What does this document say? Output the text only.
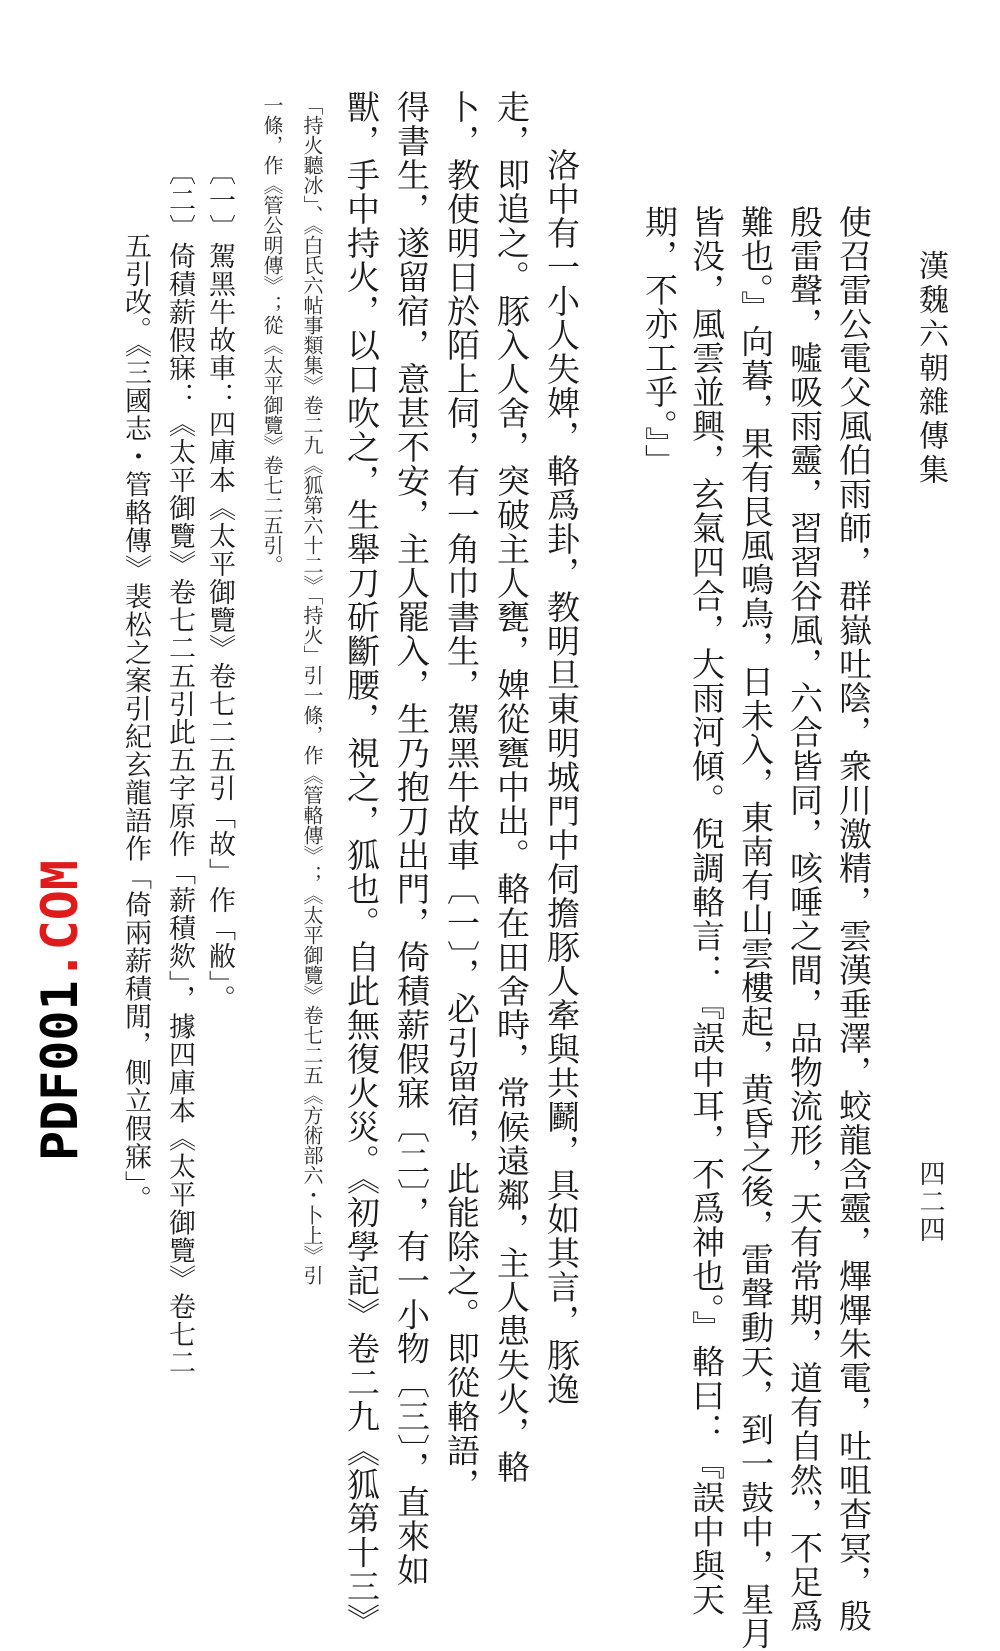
漢魏六朝雜傳集
四二四
使召雷公電父風伯雨師，群嶽吐陰，衆川激精，雲漢垂澤，蛟龍含靈，熚熚朱電，吐咀杳冥，殷
殷雷聲，噓吸雨靈，習習谷風，六合皆同，咳唾之間，品物流形，天有常期，道有自然，不足爲
難也。』向暮，果有艮風鳴鳥，日未入，東南有山雲樓起，黄昏之後，雷聲動天，到一鼓中，星月
皆没，風雲並興，玄氣四合，大雨河傾。倪調輅言：『誤中耳，不爲神也。』輅曰：『誤中與天
期，不亦工乎。』」
洛中有一小人失婢，輅爲卦，教明旦東明城門中伺擔豚人牽與共鬬，具如其言，豚逸
走，即追之。豚入人舍，突破主人甕，婢從甕中出。輅在田舍時，常候遠鄰，主人患失火，輅
卜，教使明日於陌上伺，有一角巾書生，駕黑牛故車〔一〕，必引留宿，此能除之。即從輅語，
得書生，遂留宿，意甚不安，主人罷入，生乃抱刀出門，倚積薪假寐〔二〕，有一小物〔三〕，直來如
獸，手中持火，以口吹之，生舉刀斫斷腰，視之，狐也。自此無復火災。《初學記》卷二九《狐第十三》
「持火聽冰」、《白氏六帖事類集》卷二九《狐第六十二》「持火」引一條，作《管輅傳》；《太平御覽》卷七二五《方術部六・卜上》引
一條，作《管公明傳》；從《太平御覽》卷七二五引。
〔一〕駕黑牛故車：四庫本《太平御覽》卷七二五引「故」作「敝」。
〔二〕倚積薪假寐：《太平御覽》卷七二五引此五字原作「薪積欻」，據四庫本《太平御覽》卷七二
五引改。《三國志・管輅傳》裴松之案引紀玄龍語作「倚兩薪積閒，側立假寐」。
PDF001.COM
